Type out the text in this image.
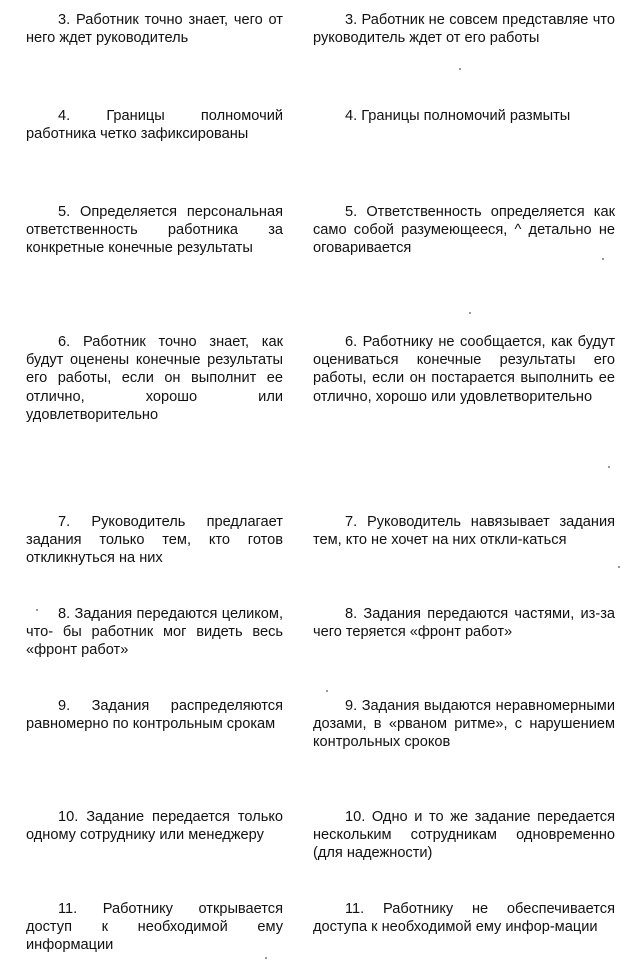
3. Работник точно знает, чего от него ждет руководитель

3. Работник не совсем представляе что руководитель ждет от его работы

4. Границы полномочий работника четко зафиксированы

4. Границы полномочий размыты

5. Определяется персональная ответственность работника за конкретные конечные результаты

5. Ответственность определяется как само собой разумеющееся, ^ детально не оговаривается

6. Работник точно знает, как будут оценены конечные результаты его работы, если он выполнит ее отлично, хорошо или удовлетворительно

6. Работнику не сообщается, как будут оцениваться конечные результаты его работы, если он постарается выполнить ее отлично, хорошо или удовлетворительно

7. Руководитель предлагает задания только тем, кто готов откликнуться на них

7. Руководитель навязывает задания тем, кто не хочет на них откли-каться

8. Задания передаются целиком, что- бы работник мог видеть весь «фронт работ»

8. Задания передаются частями, из-за чего теряется «фронт работ»

9. Задания распределяются равномерно по контрольным срокам

9. Задания выдаются неравномерными дозами, в «рваном ритме», с нарушением контрольных сроков

10. Задание передается только одному сотруднику или менеджеру

10. Одно и то же задание передается нескольким сотрудникам одновременно (для надежности)

11. Работнику открывается доступ к необходимой ему информации

11. Работнику не обеспечивается доступа к необходимой ему инфор-мации
